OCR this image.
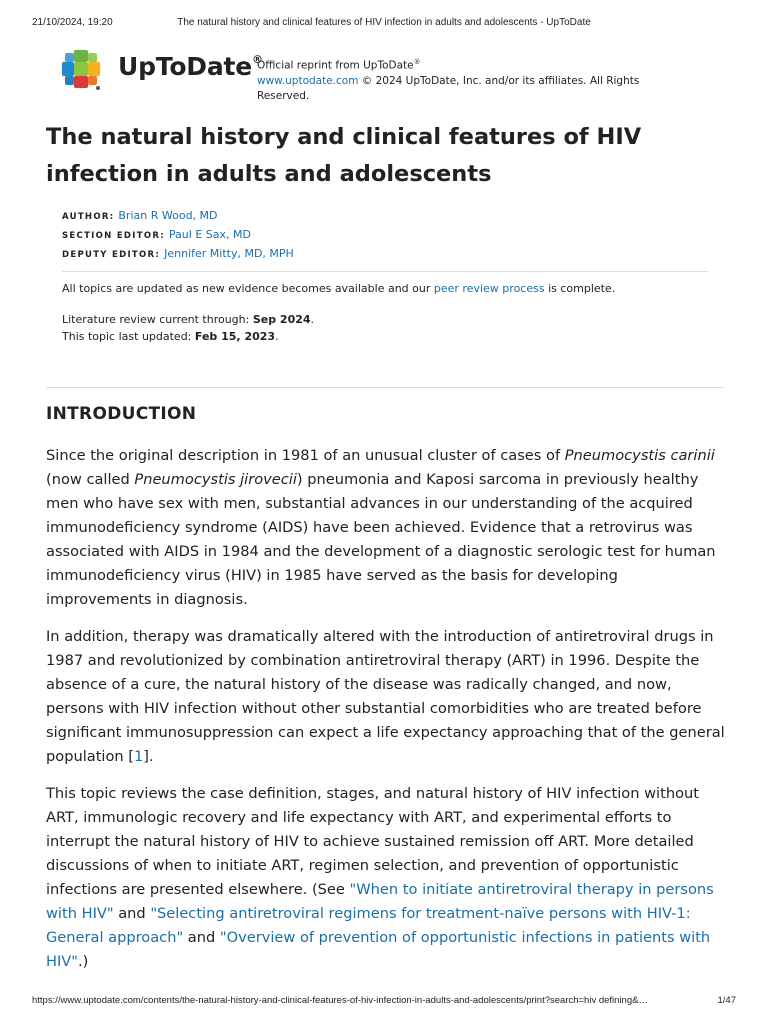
21/10/2024, 19:20	The natural history and clinical features of HIV infection in adults and adolescents - UpToDate
UpToDate®
Official reprint from UpToDate®
www.uptodate.com © 2024 UpToDate, Inc. and/or its affiliates. All Rights Reserved.
The natural history and clinical features of HIV infection in adults and adolescents
AUTHOR: Brian R Wood, MD
SECTION EDITOR: Paul E Sax, MD
DEPUTY EDITOR: Jennifer Mitty, MD, MPH
All topics are updated as new evidence becomes available and our peer review process is complete.
Literature review current through: Sep 2024.
This topic last updated: Feb 15, 2023.
INTRODUCTION

Since the original description in 1981 of an unusual cluster of cases of Pneumocystis carinii (now called Pneumocystis jirovecii) pneumonia and Kaposi sarcoma in previously healthy men who have sex with men, substantial advances in our understanding of the acquired immunodeficiency syndrome (AIDS) have been achieved. Evidence that a retrovirus was associated with AIDS in 1984 and the development of a diagnostic serologic test for human immunodeficiency virus (HIV) in 1985 have served as the basis for developing improvements in diagnosis.

In addition, therapy was dramatically altered with the introduction of antiretroviral drugs in 1987 and revolutionized by combination antiretroviral therapy (ART) in 1996. Despite the absence of a cure, the natural history of the disease was radically changed, and now, persons with HIV infection without other substantial comorbidities who are treated before significant immunosuppression can expect a life expectancy approaching that of the general population [1].

This topic reviews the case definition, stages, and natural history of HIV infection without ART, immunologic recovery and life expectancy with ART, and experimental efforts to interrupt the natural history of HIV to achieve sustained remission off ART. More detailed discussions of when to initiate ART, regimen selection, and prevention of opportunistic infections are presented elsewhere. (See "When to initiate antiretroviral therapy in persons with HIV" and "Selecting antiretroviral regimens for treatment-naïve persons with HIV-1: General approach" and "Overview of prevention of opportunistic infections in patients with HIV".)

https://www.uptodate.com/contents/the-natural-history-and-clinical-features-of-hiv-infection-in-adults-and-adolescents/print?search=hiv defining&…	1/47
